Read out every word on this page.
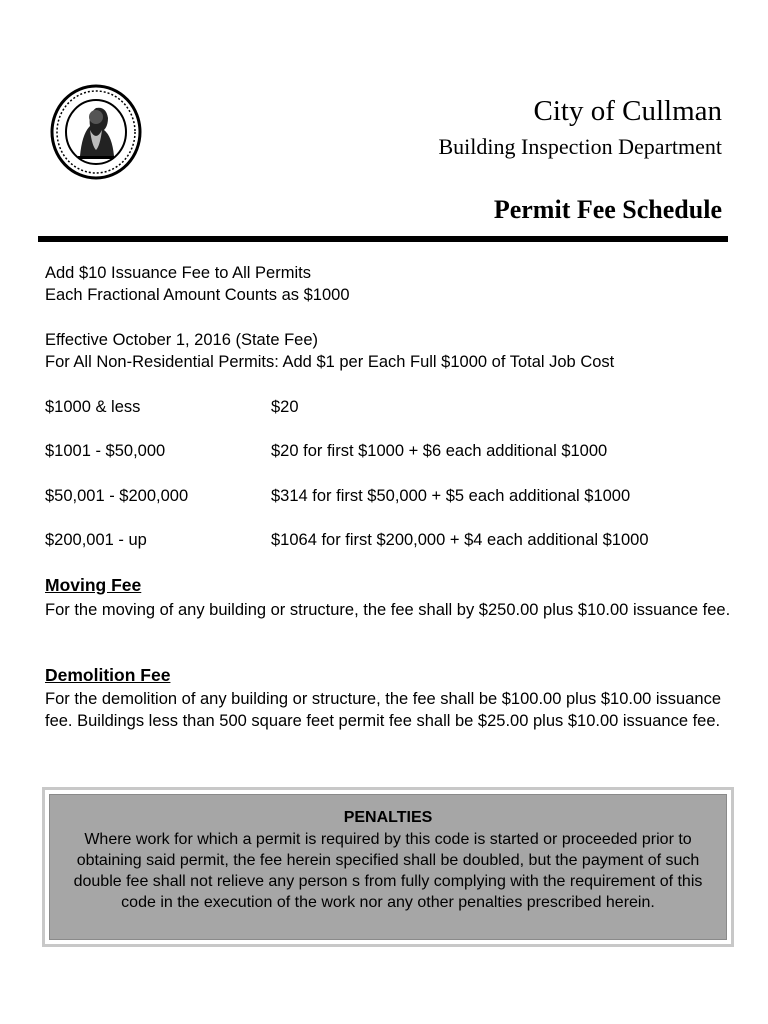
City of Cullman
Building Inspection Department
Permit Fee Schedule
Add $10 Issuance Fee to All Permits
Each Fractional Amount Counts as $1000
Effective October 1, 2016 (State Fee)
For All Non-Residential Permits: Add $1 per Each Full $1000 of Total Job Cost
$1000 & less	$20
$1001 - $50,000	$20 for first $1000 + $6 each additional $1000
$50,001 - $200,000	$314 for first $50,000 + $5 each additional $1000
$200,001 - up	$1064 for first $200,000 + $4 each additional $1000
Moving Fee
For the moving of any building or structure, the fee shall by $250.00 plus $10.00 issuance fee.
Demolition Fee
For the demolition of any building or structure, the fee shall be $100.00 plus $10.00 issuance fee. Buildings less than 500 square feet permit fee shall be $25.00 plus $10.00 issuance fee.
PENALTIES
Where work for which a permit is required by this code is started or proceeded prior to obtaining said permit, the fee herein specified shall be doubled, but the payment of such double fee shall not relieve any person s from fully complying with the requirement of this code in the execution of the work nor any other penalties prescribed herein.
